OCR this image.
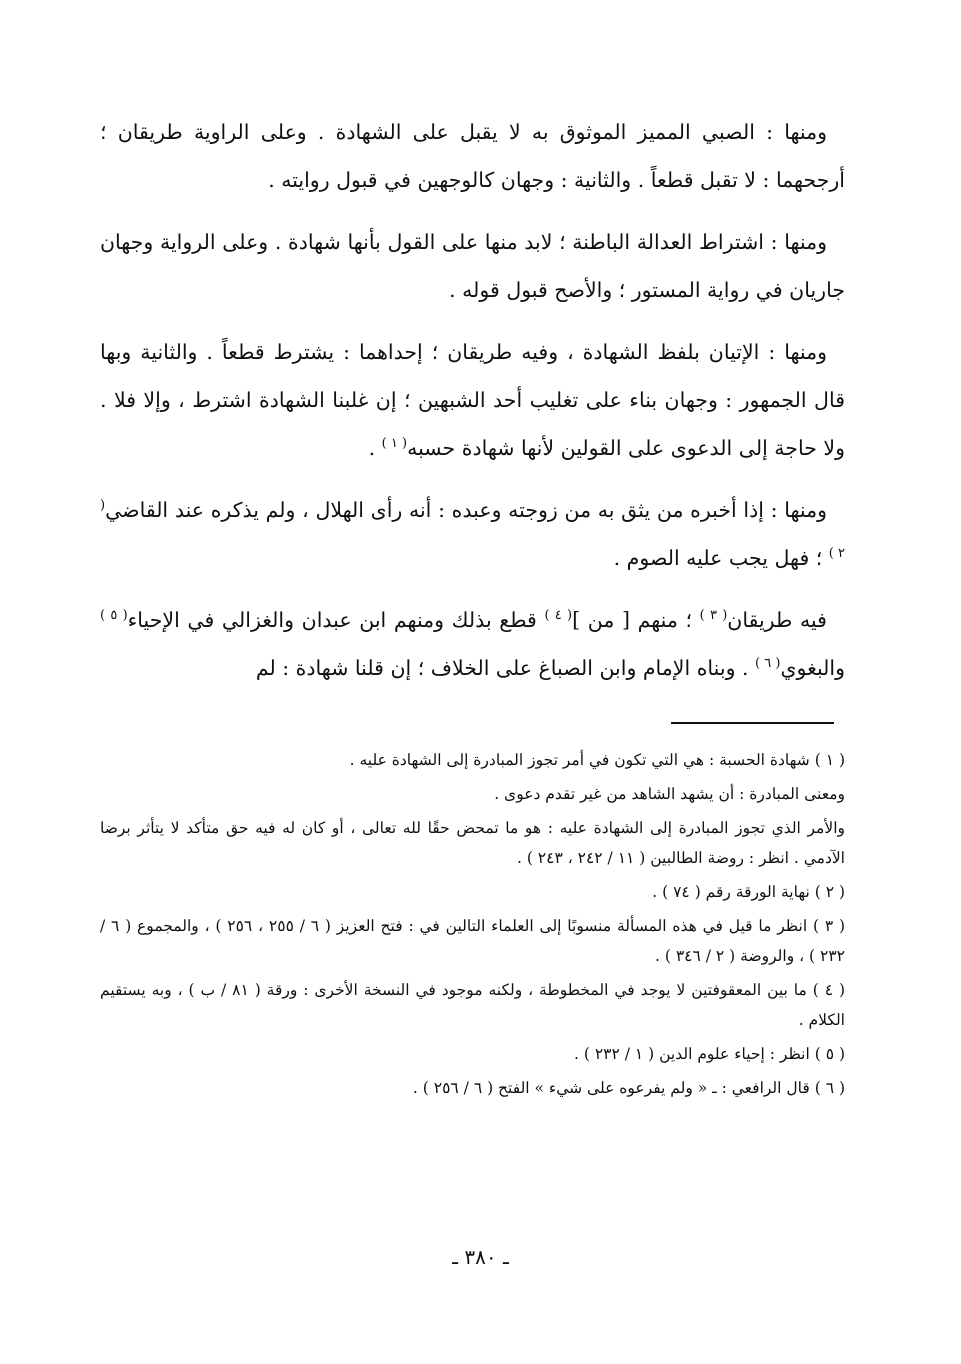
ومنها : الصبي المميز الموثوق به لا يقبل على الشهادة . وعلى الراوية طريقان ؛ أرجحهما : لا تقبل قطعاً . والثانية : وجهان كالوجهين في قبول روايته .

ومنها : اشتراط العدالة الباطنة ؛ لابد منها على القول بأنها شهادة . وعلى الرواية وجهان جاريان في رواية المستور ؛ والأصح قبول قوله .

ومنها : الإتيان بلفظ الشهادة ، وفيه طريقان ؛ إحداهما : يشترط قطعاً . والثانية وبها قال الجمهور : وجهان بناء على تغليب أحد الشبهين ؛ إن غلبنا الشهادة اشترط ، وإلا فلا . ولا حاجة إلى الدعوى على القولين لأنها شهادة حسبه$^{( ١ )}$ .

ومنها : إذا أخبره من يثق به من زوجته وعبده : أنه رأى الهلال ، ولم يذكره عند القاضي$^{( ٢ )}$ ؛ فهل يجب عليه الصوم .

فيه طريقان$^{( ٣ )}$ ؛ منهم [ من ]$^{( ٤ )}$ قطع بذلك ومنهم ابن عبدان والغزالي في الإحياء$^{( ٥ )}$ والبغوي$^{( ٦ )}$ . وبناه الإمام وابن الصباغ على الخلاف ؛ إن قلنا شهادة : لم

( ١ ) شهادة الحسبة : هي التي تكون في أمر تجوز المبادرة إلى الشهادة عليه .

ومعنى المبادرة : أن يشهد الشاهد من غير تقدم دعوى .

والأمر الذي تجوز المبادرة إلى الشهادة عليه : هو ما تمحض حقًا لله تعالى ، أو كان له فيه حق متأكد لا يتأثر برضا الآدمي . انظر : روضة الطالبين ( ١١ / ٢٤٢ ، ٢٤٣ ) .

( ٢ ) نهاية الورقة رقم ( ٧٤ ) .

( ٣ ) انظر ما قيل في هذه المسألة منسوبًا إلى العلماء التالين في : فتح العزيز ( ٦ / ٢٥٥ ، ٢٥٦ ) ، والمجموع ( ٦ / ٢٣٢ ) ، والروضة ( ٢ / ٣٤٦ ) .

( ٤ ) ما بين المعقوفتين لا يوجد في المخطوطة ، ولكنه موجود في النسخة الأخرى : ورقة ( ٨١ / ب ) ، وبه يستقيم الكلام .

( ٥ ) انظر : إحياء علوم الدين ( ١ / ٢٣٢ ) .

( ٦ ) قال الرافعي : ـ « ولم يفرعوه على شيء » الفتح ( ٦ / ٢٥٦ ) .

ـ ٣٨٠ ـ
